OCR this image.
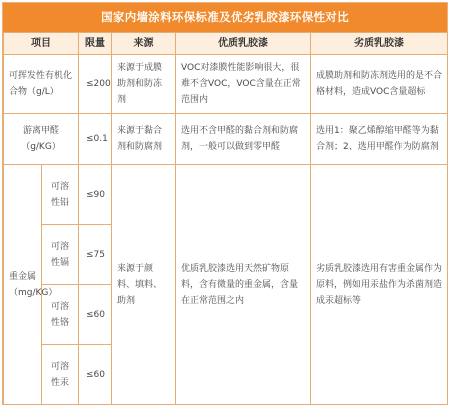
国家内墙涂料环保标准及优劣乳胶漆环保性对比
项目		限量	来源	优质乳胶漆	劣质乳胶漆
可挥发性有机化合物（g/L）		≤200	来源于成膜助剂和防冻剂	VOC对漆膜性能影响很大，很难不含VOC，VOC含量在正常范围内	成膜助剂和防冻剂选用的是不合格材料，造成VOC含量超标
游离甲醛（g/KG）		≤0.1	来源于黏合剂和防腐剂	选用不含甲醛的黏合剂和防腐剂，一般可以做到零甲醛	选用1：聚乙烯醇缩甲醛等为黏合剂；2、选用甲醛作为防腐剂
重金属（mg/KG）	可溶性铅	≤90	来源于颜料、填料、助剂	优质乳胶漆选用天然矿物原料，含有微量的重金属，含量在正常范围之内	劣质乳胶漆选用有害重金属作为原料，例如用汞盐作为杀菌剂造成汞超标等
	可溶性镉	≤75			
	可溶性铬	≤60			
	可溶性汞	≤60			
